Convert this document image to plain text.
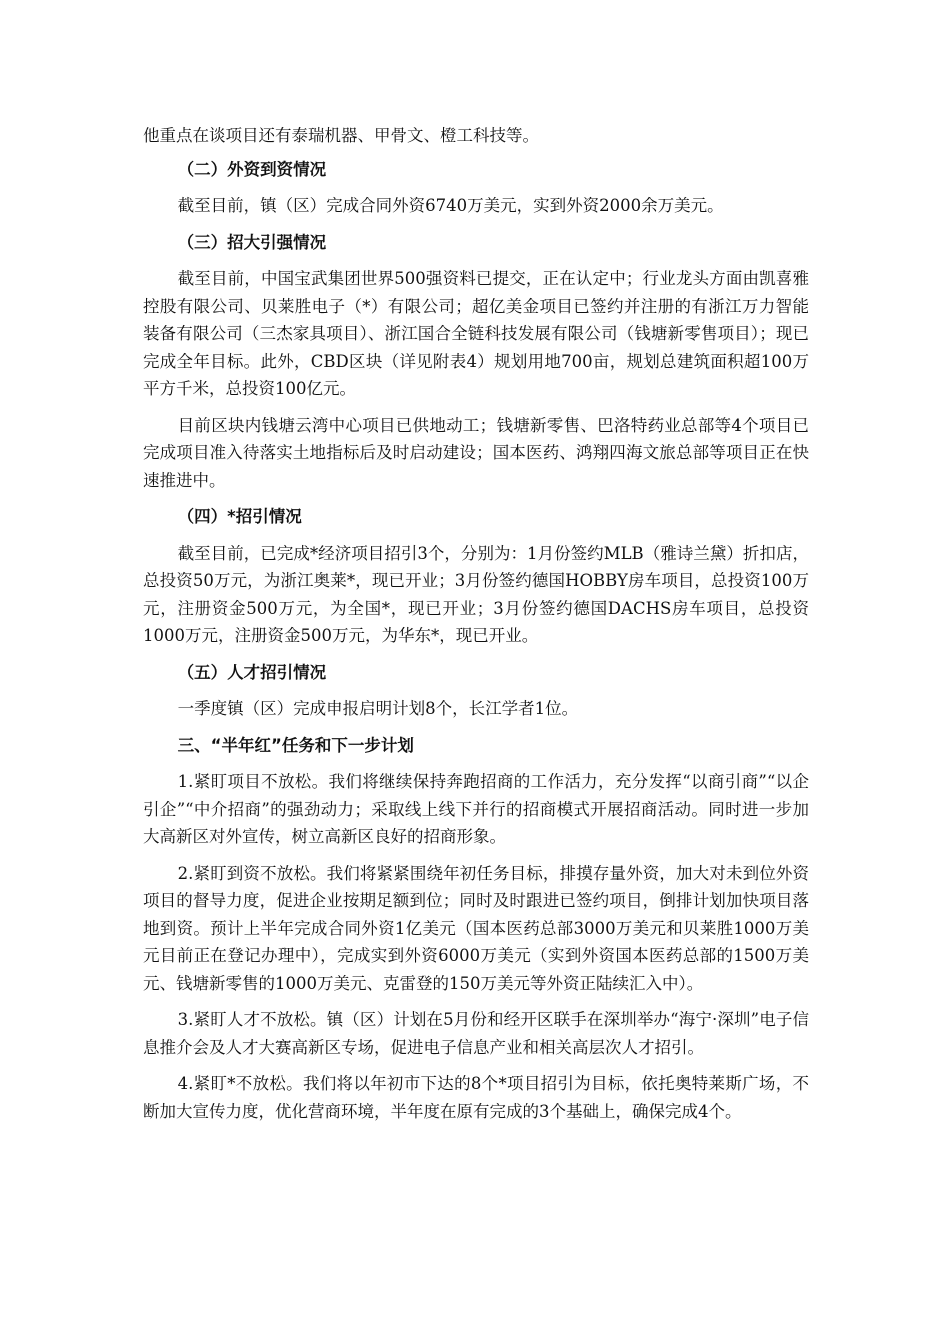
他重点在谈项目还有泰瑞机器、甲骨文、橙工科技等。

（二）外资到资情况

截至目前，镇（区）完成合同外资6740万美元，实到外资2000余万美元。

（三）招大引强情况

截至目前，中国宝武集团世界500强资料已提交，正在认定中；行业龙头方面由凯喜雅控股有限公司、贝莱胜电子（*）有限公司；超亿美金项目已签约并注册的有浙江万力智能装备有限公司（三杰家具项目）、浙江国合全链科技发展有限公司（钱塘新零售项目）；现已完成全年目标。此外，CBD区块（详见附表4）规划用地700亩，规划总建筑面积超100万平方千米，总投资100亿元。

目前区块内钱塘云湾中心项目已供地动工；钱塘新零售、巴洛特药业总部等4个项目已完成项目准入待落实土地指标后及时启动建设；国本医药、鸿翔四海文旅总部等项目正在快速推进中。

（四）*招引情况

截至目前，已完成*经济项目招引3个，分别为：1月份签约MLB（雅诗兰黛）折扣店，总投资50万元，为浙江奥莱*，现已开业；3月份签约德国HOBBY房车项目，总投资100万元，注册资金500万元，为全国*，现已开业；3月份签约德国DACHS房车项目，总投资1000万元，注册资金500万元，为华东*，现已开业。

（五）人才招引情况

一季度镇（区）完成申报启明计划8个，长江学者1位。

三、“半年红”任务和下一步计划

1.紧盯项目不放松。我们将继续保持奔跑招商的工作活力，充分发挥“以商引商”“以企引企”“中介招商”的强劲动力；采取线上线下并行的招商模式开展招商活动。同时进一步加大高新区对外宣传，树立高新区良好的招商形象。

2.紧盯到资不放松。我们将紧紧围绕年初任务目标，排摸存量外资，加大对未到位外资项目的督导力度，促进企业按期足额到位；同时及时跟进已签约项目，倒排计划加快项目落地到资。预计上半年完成合同外资1亿美元（国本医药总部3000万美元和贝莱胜1000万美元目前正在登记办理中），完成实到外资6000万美元（实到外资国本医药总部的1500万美元、钱塘新零售的1000万美元、克雷登的150万美元等外资正陆续汇入中）。

3.紧盯人才不放松。镇（区）计划在5月份和经开区联手在深圳举办“海宁·深圳”电子信息推介会及人才大赛高新区专场，促进电子信息产业和相关高层次人才招引。

4.紧盯*不放松。我们将以年初市下达的8个*项目招引为目标，依托奥特莱斯广场，不断加大宣传力度，优化营商环境，半年度在原有完成的3个基础上，确保完成4个。
